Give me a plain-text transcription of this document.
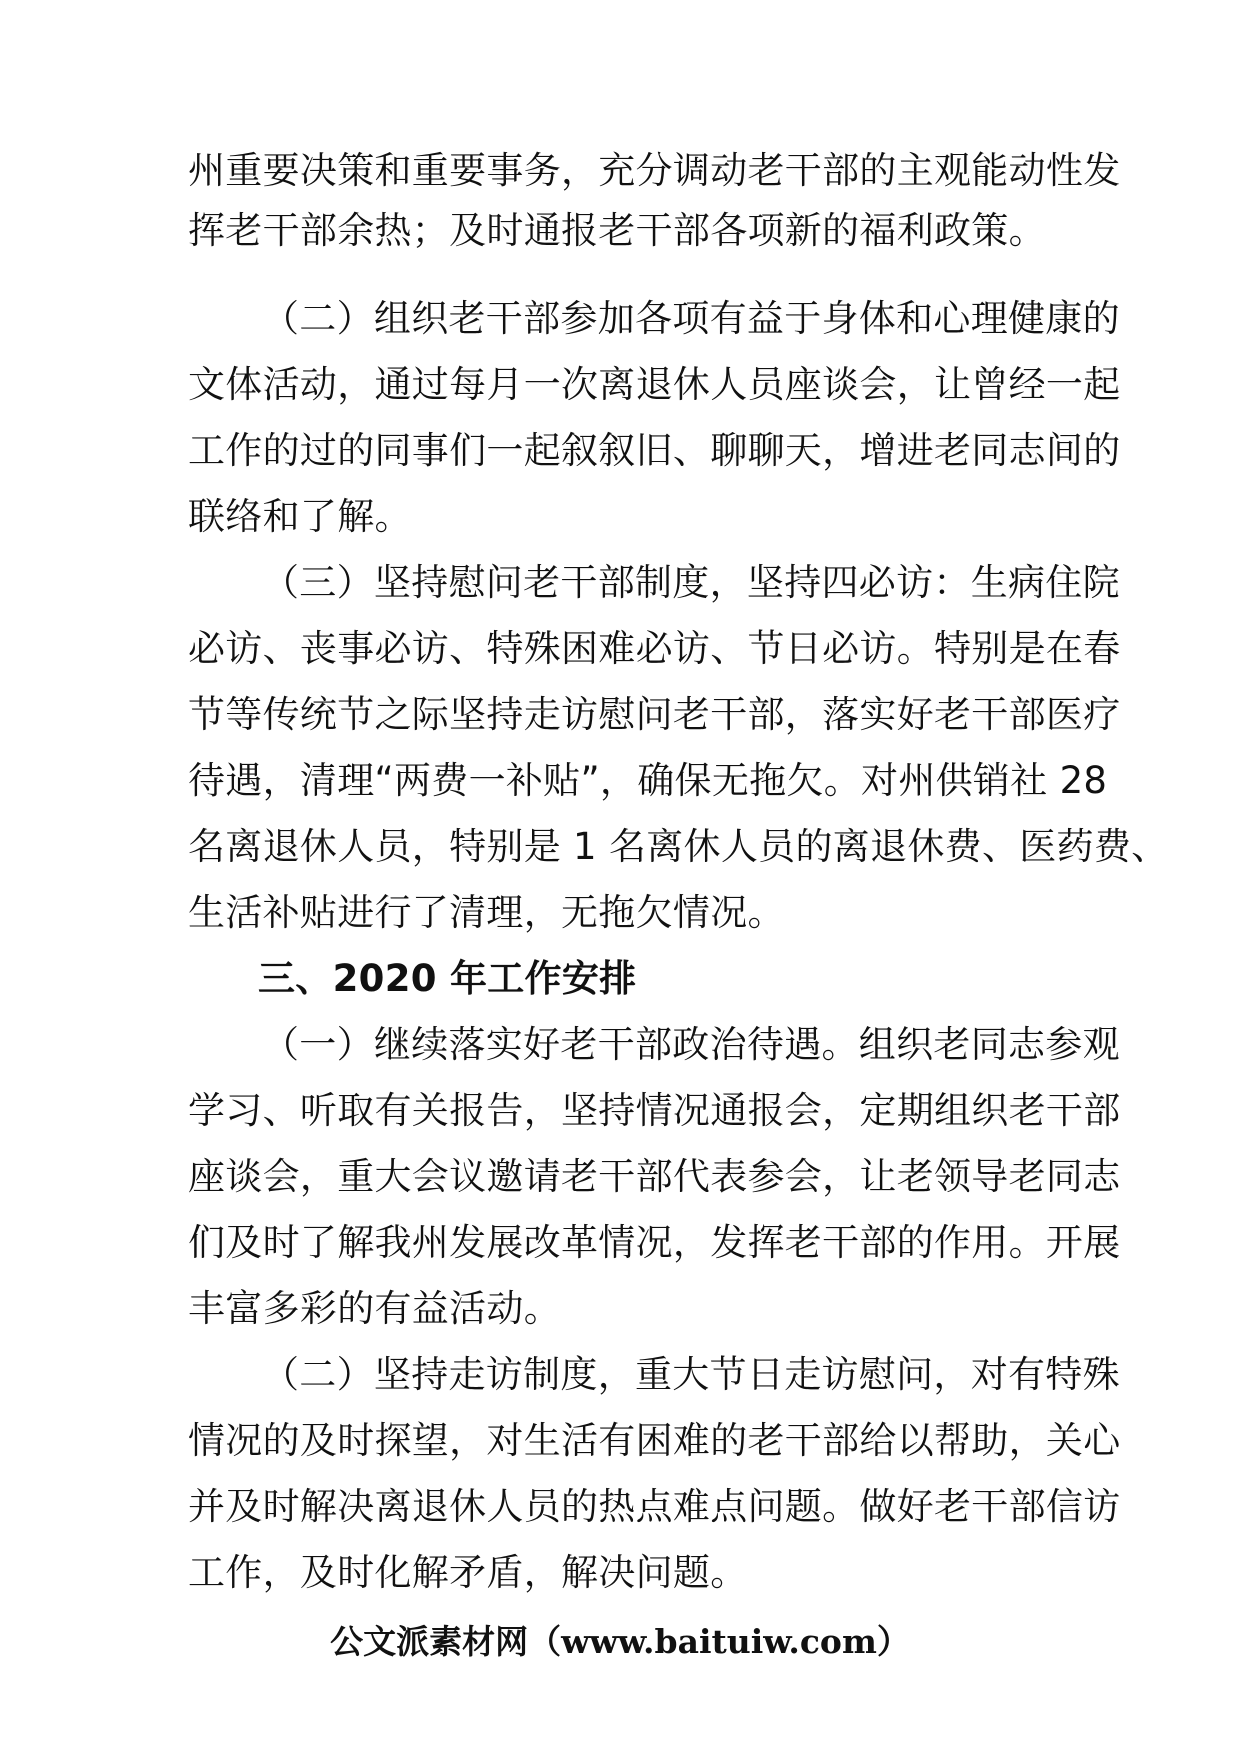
州重要决策和重要事务，充分调动老干部的主观能动性发
挥老干部余热；及时通报老干部各项新的福利政策。
（二）组织老干部参加各项有益于身体和心理健康的
文体活动，通过每月一次离退休人员座谈会，让曾经一起
工作的过的同事们一起叙叙旧、聊聊天，增进老同志间的
联络和了解。
（三）坚持慰问老干部制度，坚持四必访：生病住院
必访、丧事必访、特殊困难必访、节日必访。特别是在春
节等传统节之际坚持走访慰问老干部，落实好老干部医疗
待遇，清理“两费一补贴”，确保无拖欠。对州供销社 28
名离退休人员，特别是 1 名离休人员的离退休费、医药费、
生活补贴进行了清理，无拖欠情况。
三、2020 年工作安排
（一）继续落实好老干部政治待遇。组织老同志参观
学习、听取有关报告，坚持情况通报会，定期组织老干部
座谈会，重大会议邀请老干部代表参会，让老领导老同志
们及时了解我州发展改革情况，发挥老干部的作用。开展
丰富多彩的有益活动。
（二）坚持走访制度，重大节日走访慰问，对有特殊
情况的及时探望，对生活有困难的老干部给以帮助，关心
并及时解决离退休人员的热点难点问题。做好老干部信访
工作，及时化解矛盾，解决问题。
公文派素材网（www.baituiw.com）
